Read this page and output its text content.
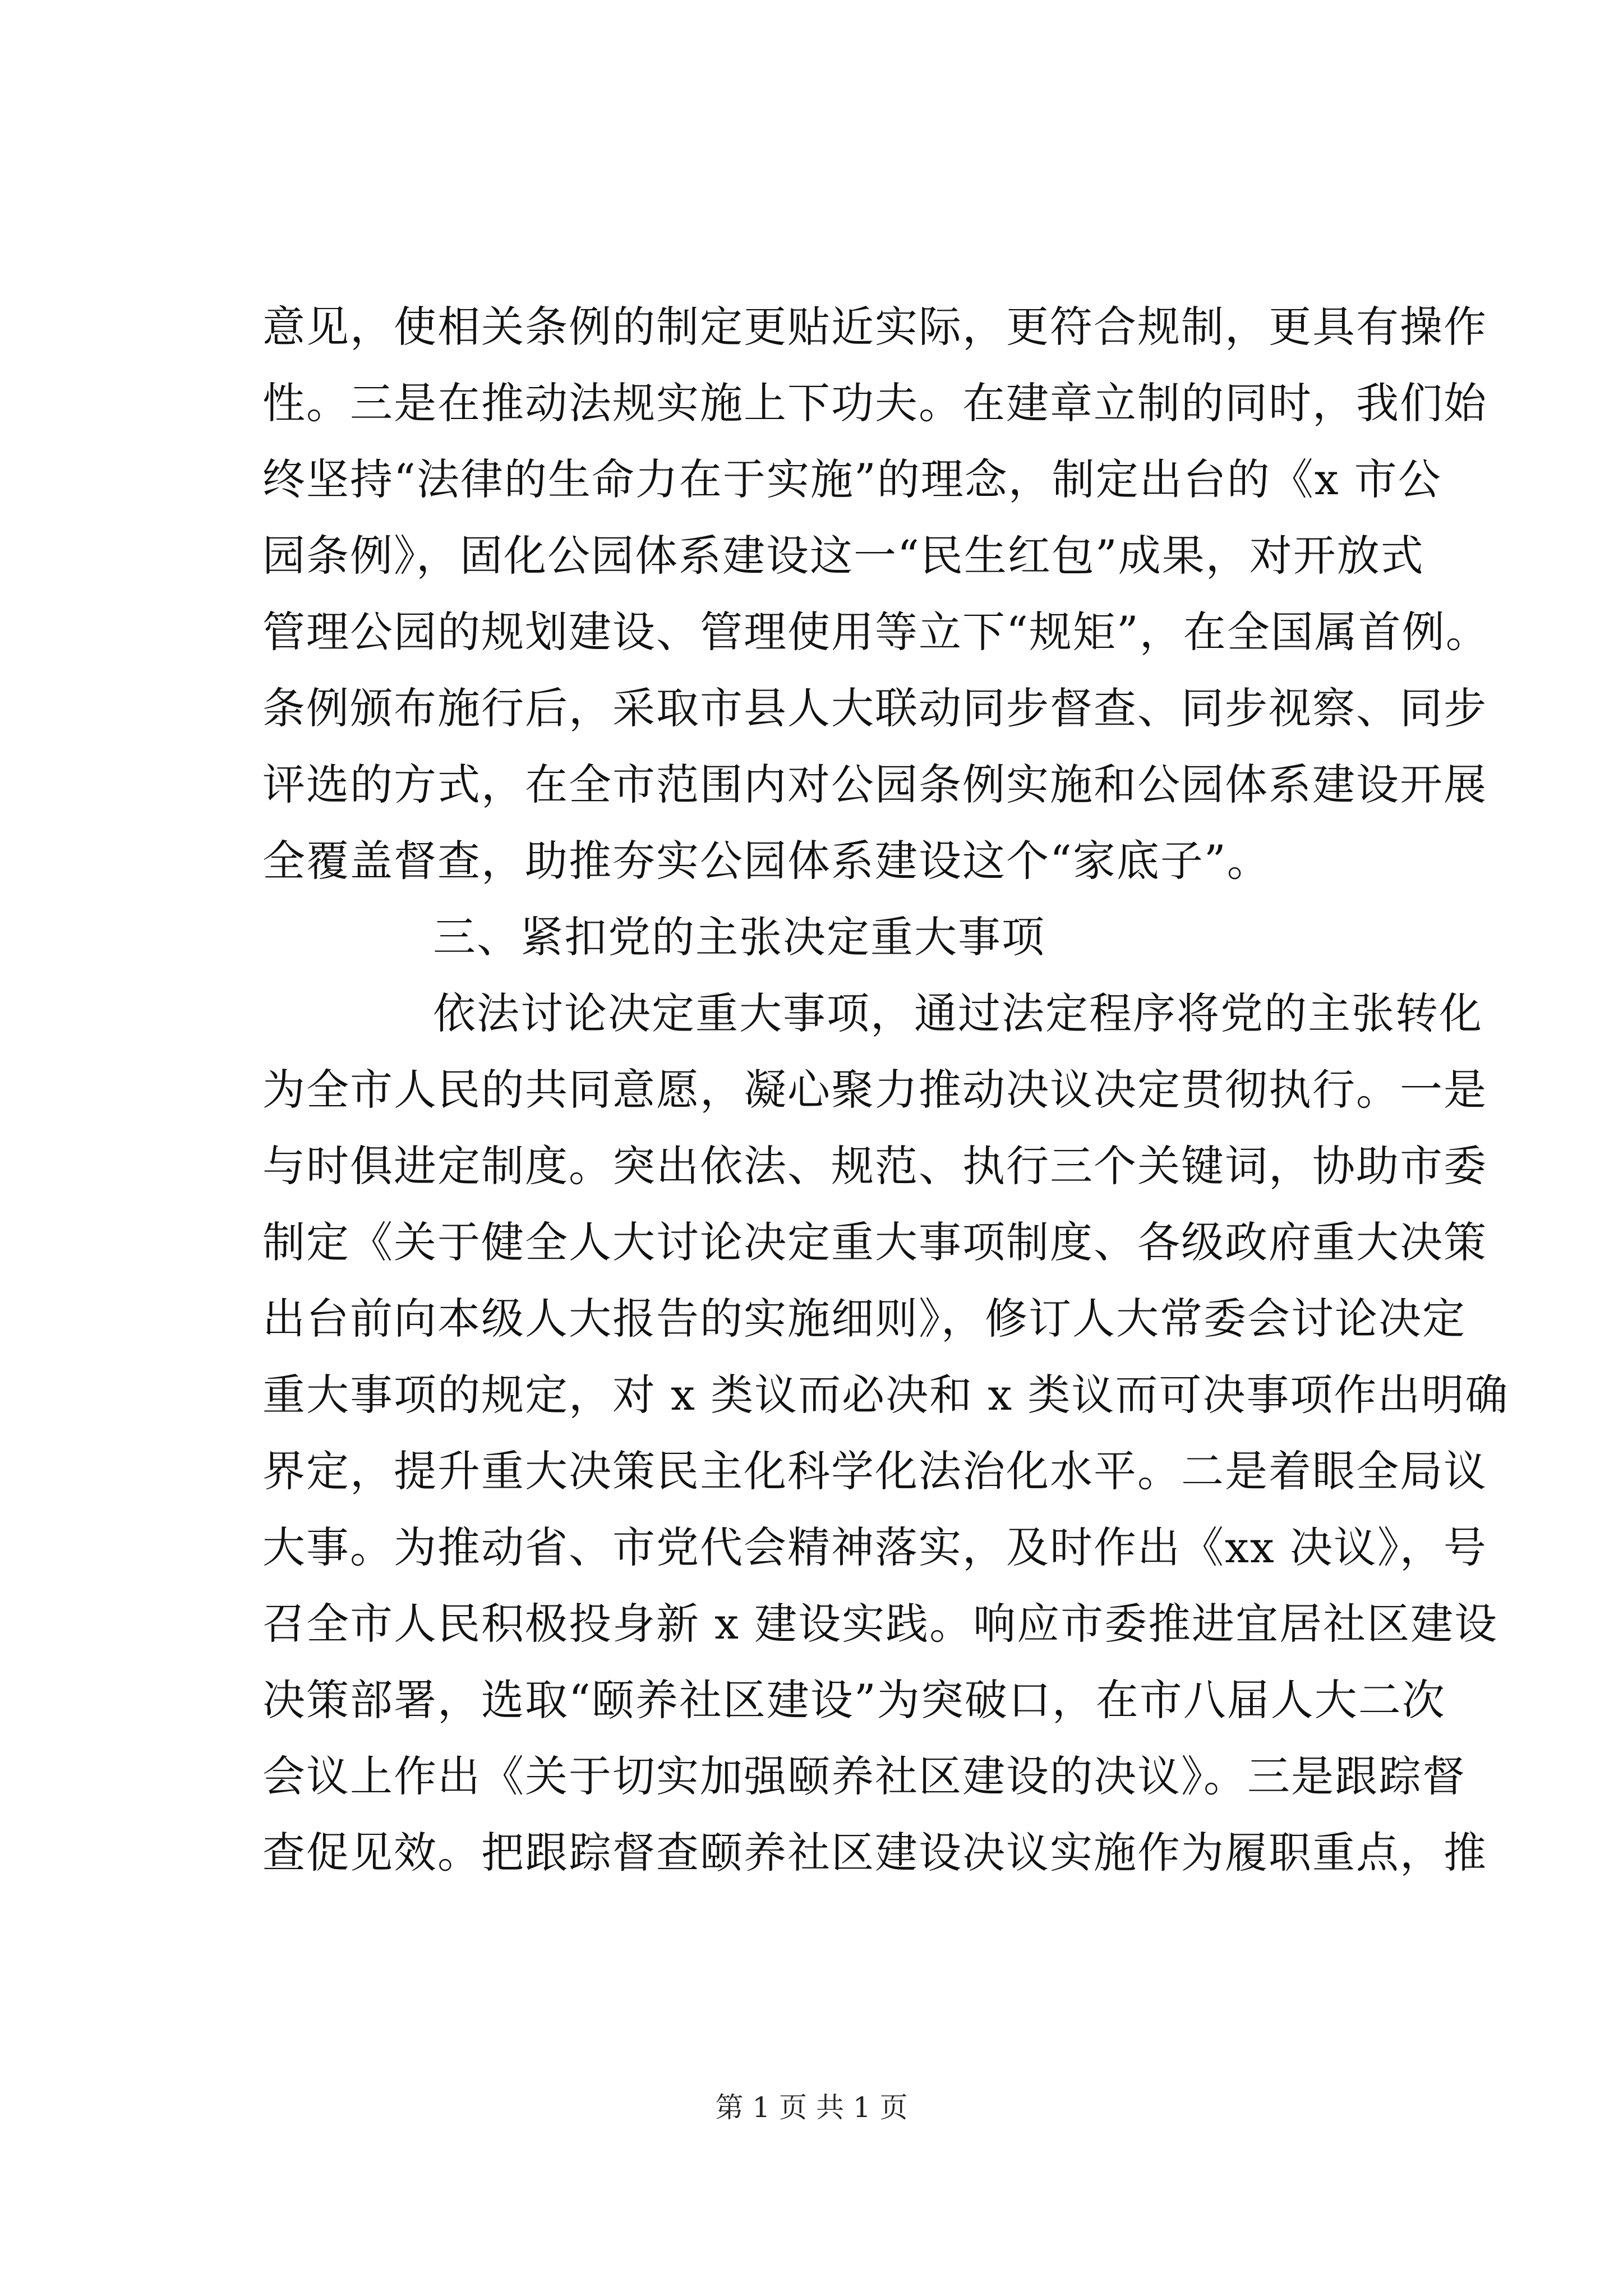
意见，使相关条例的制定更贴近实际，更符合规制，更具有操作
性。三是在推动法规实施上下功夫。在建章立制的同时，我们始
终坚持“法律的生命力在于实施”的理念，制定出台的《x 市公
园条例》，固化公园体系建设这一“民生红包”成果，对开放式
管理公园的规划建设、管理使用等立下“规矩”，在全国属首例。
条例颁布施行后，采取市县人大联动同步督查、同步视察、同步
评选的方式，在全市范围内对公园条例实施和公园体系建设开展
全覆盖督查，助推夯实公园体系建设这个“家底子”。
三、紧扣党的主张决定重大事项
依法讨论决定重大事项，通过法定程序将党的主张转化
为全市人民的共同意愿，凝心聚力推动决议决定贯彻执行。一是
与时俱进定制度。突出依法、规范、执行三个关键词，协助市委
制定《关于健全人大讨论决定重大事项制度、各级政府重大决策
出台前向本级人大报告的实施细则》，修订人大常委会讨论决定
重大事项的规定，对 x 类议而必决和 x 类议而可决事项作出明确
界定，提升重大决策民主化科学化法治化水平。二是着眼全局议
大事。为推动省、市党代会精神落实，及时作出《xx 决议》，号
召全市人民积极投身新 x 建设实践。响应市委推进宜居社区建设
决策部署，选取“颐养社区建设”为突破口，在市八届人大二次
会议上作出《关于切实加强颐养社区建设的决议》。三是跟踪督
查促见效。把跟踪督查颐养社区建设决议实施作为履职重点，推
第 1 页 共 1 页
